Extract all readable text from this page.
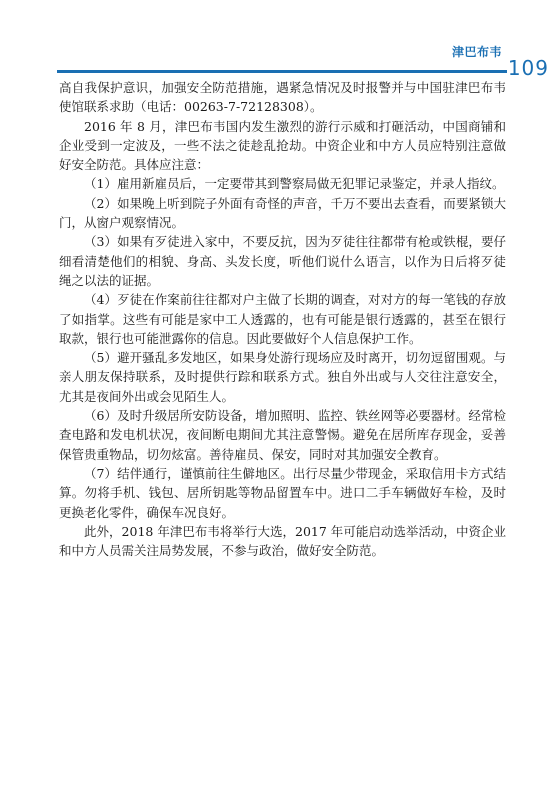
津巴布韦
109

高自我保护意识，加强安全防范措施，遇紧急情况及时报警并与中国驻津巴布韦使馆联系求助（电话：00263-7-72128308）。

2016 年 8 月，津巴布韦国内发生激烈的游行示威和打砸活动，中国商铺和企业受到一定波及，一些不法之徒趁乱抢劫。中资企业和中方人员应特别注意做好安全防范。具体应注意：

（1）雇用新雇员后，一定要带其到警察局做无犯罪记录鉴定，并录人指纹。

（2）如果晚上听到院子外面有奇怪的声音，千万不要出去查看，而要紧锁大门，从窗户观察情况。

（3）如果有歹徒进入家中，不要反抗，因为歹徒往往都带有枪或铁棍，要仔细看清楚他们的相貌、身高、头发长度，听他们说什么语言，以作为日后将歹徒绳之以法的证据。

（4）歹徒在作案前往往都对户主做了长期的调查，对对方的每一笔钱的存放了如指掌。这些有可能是家中工人透露的，也有可能是银行透露的，甚至在银行取款，银行也可能泄露你的信息。因此要做好个人信息保护工作。

（5）避开骚乱多发地区，如果身处游行现场应及时离开，切勿逗留围观。与亲人朋友保持联系，及时提供行踪和联系方式。独自外出或与人交往注意安全，尤其是夜间外出或会见陌生人。

（6）及时升级居所安防设备，增加照明、监控、铁丝网等必要器材。经常检查电路和发电机状况，夜间断电期间尤其注意警惕。避免在居所库存现金，妥善保管贵重物品，切勿炫富。善待雇员、保安，同时对其加强安全教育。

（7）结伴通行，谨慎前往生僻地区。出行尽量少带现金，采取信用卡方式结算。勿将手机、钱包、居所钥匙等物品留置车中。进口二手车辆做好车检，及时更换老化零件，确保车况良好。

此外，2018 年津巴布韦将举行大选，2017 年可能启动选举活动，中资企业和中方人员需关注局势发展，不参与政治，做好安全防范。
